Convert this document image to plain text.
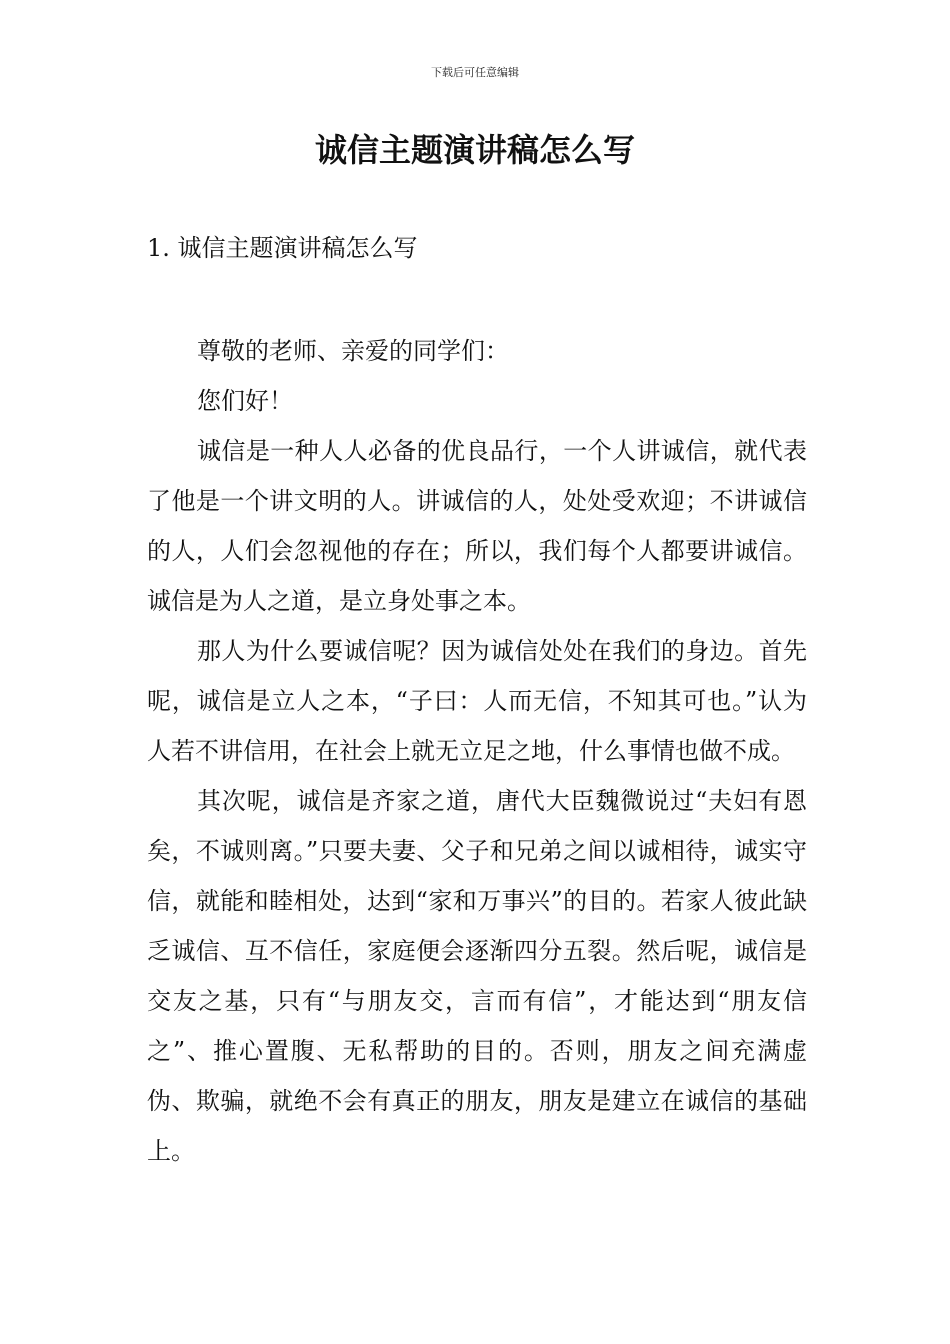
下载后可任意编辑
诚信主题演讲稿怎么写
1. 诚信主题演讲稿怎么写

尊敬的老师、亲爱的同学们：

您们好！

诚信是一种人人必备的优良品行，一个人讲诚信，就代表了他是一个讲文明的人。讲诚信的人，处处受欢迎；不讲诚信的人，人们会忽视他的存在；所以，我们每个人都要讲诚信。诚信是为人之道，是立身处事之本。

那人为什么要诚信呢？因为诚信处处在我们的身边。首先呢，诚信是立人之本，“子曰：人而无信，不知其可也。”认为人若不讲信用，在社会上就无立足之地，什么事情也做不成。

其次呢，诚信是齐家之道，唐代大臣魏微说过“夫妇有恩矣，不诚则离。”只要夫妻、父子和兄弟之间以诚相待，诚实守信，就能和睦相处，达到“家和万事兴”的目的。若家人彼此缺乏诚信、互不信任，家庭便会逐渐四分五裂。然后呢，诚信是交友之基，只有“与朋友交，言而有信”，才能达到“朋友信之”、推心置腹、无私帮助的目的。否则，朋友之间充满虚伪、欺骗，就绝不会有真正的朋友，朋友是建立在诚信的基础上。
